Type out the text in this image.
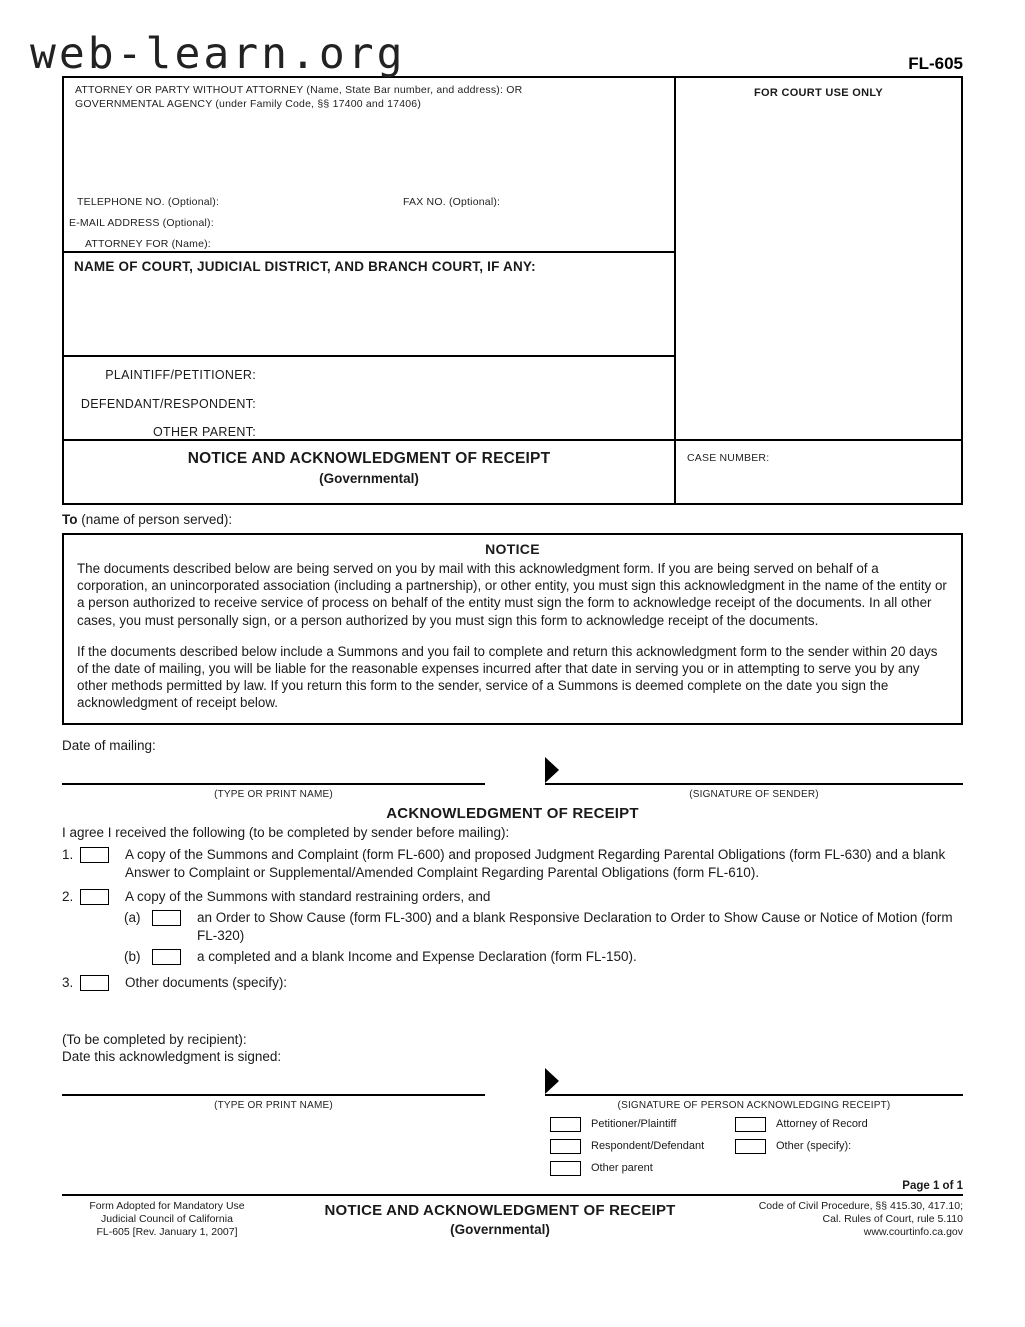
web-learn.org	FL-605
ATTORNEY OR PARTY WITHOUT ATTORNEY (Name, State Bar number, and address): OR
GOVERNMENTAL AGENCY (under Family Code, §§ 17400 and 17406)
TELEPHONE NO. (Optional):	FAX NO. (Optional):
E-MAIL ADDRESS (Optional):
ATTORNEY FOR (Name):
FOR COURT USE ONLY
NAME OF COURT, JUDICIAL DISTRICT, AND BRANCH COURT, IF ANY:
PLAINTIFF/PETITIONER:
DEFENDANT/RESPONDENT:
OTHER PARENT:
NOTICE AND ACKNOWLEDGMENT OF RECEIPT
(Governmental)
CASE NUMBER:
To (name of person served):
NOTICE
The documents described below are being served on you by mail with this acknowledgment form. If you are being served on behalf of a corporation, an unincorporated association (including a partnership), or other entity, you must sign this acknowledgment in the name of the entity or a person authorized to receive service of process on behalf of the entity must sign the form to acknowledge receipt of the documents. In all other cases, you must personally sign, or a person authorized by you must sign this form to acknowledge receipt of the documents.
If the documents described below include a Summons and you fail to complete and return this acknowledgment form to the sender within 20 days of the date of mailing, you will be liable for the reasonable expenses incurred after that date in serving you or in attempting to serve you by any other methods permitted by law. If you return this form to the sender, service of a Summons is deemed complete on the date you sign the acknowledgment of receipt below.
Date of mailing:
(TYPE OR PRINT NAME)	(SIGNATURE OF SENDER)
ACKNOWLEDGMENT OF RECEIPT
I agree I received the following (to be completed by sender before mailing):
1.	A copy of the Summons and Complaint (form FL-600) and proposed Judgment Regarding Parental Obligations (form FL-630) and a blank Answer to Complaint or Supplemental/Amended Complaint Regarding Parental Obligations (form FL-610).
2.	A copy of the Summons with standard restraining orders, and
(a)	an Order to Show Cause (form FL-300) and a blank Responsive Declaration to Order to Show Cause or Notice of Motion (form FL-320)
(b)	a completed and a blank Income and Expense Declaration (form FL-150).
3.	Other documents (specify):
(To be completed by recipient):
Date this acknowledgment is signed:
(TYPE OR PRINT NAME)	(SIGNATURE OF PERSON ACKNOWLEDGING RECEIPT)
Petitioner/Plaintiff	Attorney of Record
Respondent/Defendant	Other (specify):
Other parent
Page 1 of 1
Form Adopted for Mandatory Use
Judicial Council of California
FL-605 [Rev. January 1, 2007]
NOTICE AND ACKNOWLEDGMENT OF RECEIPT
(Governmental)
Code of Civil Procedure, §§ 415.30, 417.10;
Cal. Rules of Court, rule 5.110
www.courtinfo.ca.gov
